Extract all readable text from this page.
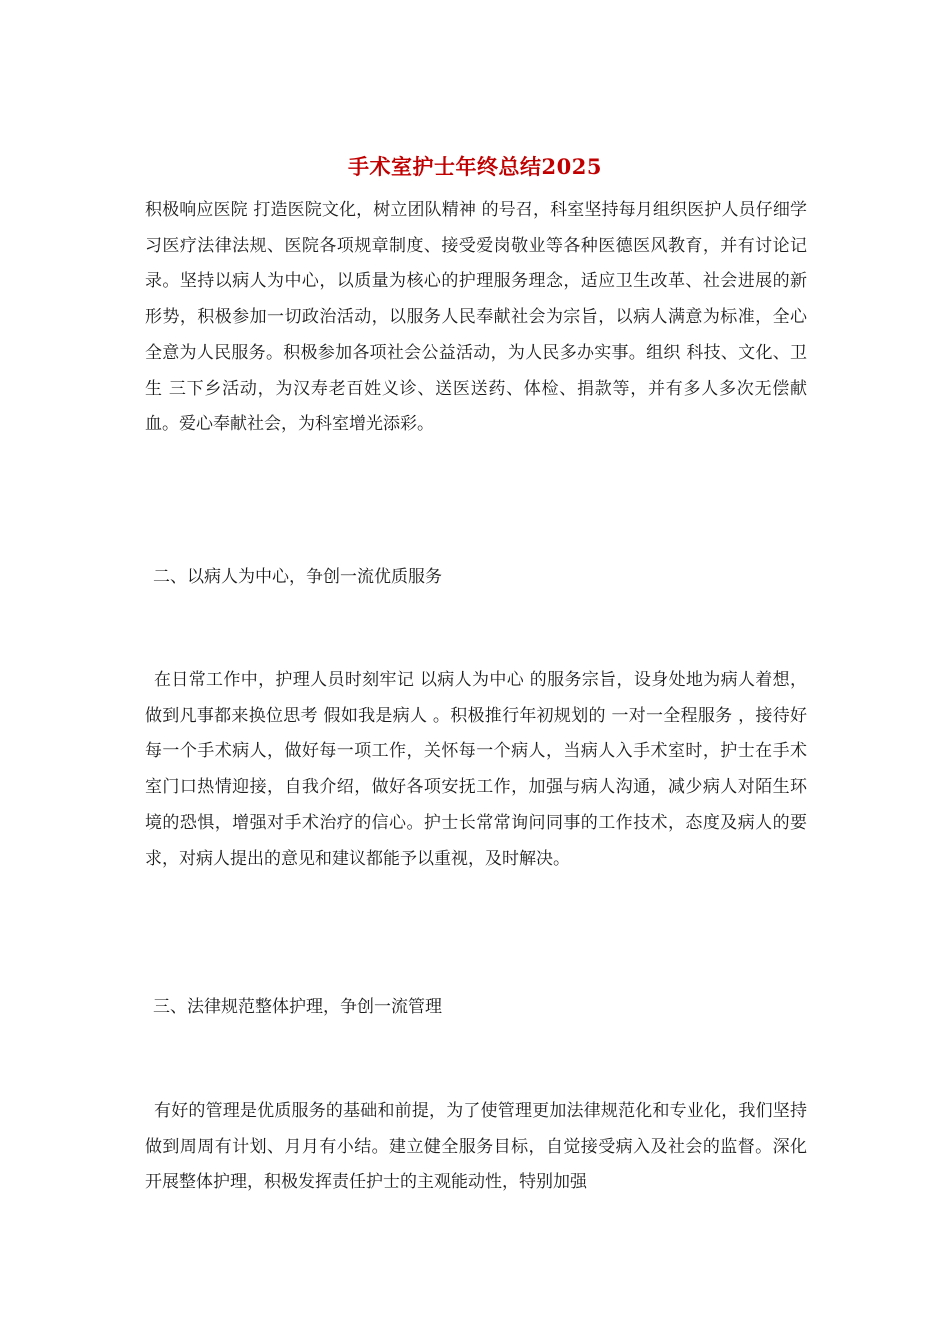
手术室护士年终总结2025

积极响应医院 打造医院文化，树立团队精神 的号召，科室坚持每月组织医护人员仔细学习医疗法律法规、医院各项规章制度、接受爱岗敬业等各种医德医风教育，并有讨论记录。坚持以病人为中心，以质量为核心的护理服务理念，适应卫生改革、社会进展的新形势，积极参加一切政治活动，以服务人民奉献社会为宗旨，以病人满意为标准，全心全意为人民服务。积极参加各项社会公益活动，为人民多办实事。组织 科技、文化、卫生 三下乡活动，为汉寿老百姓义诊、送医送药、体检、捐款等，并有多人多次无偿献血。爱心奉献社会，为科室增光添彩。

二、以病人为中心，争创一流优质服务

在日常工作中，护理人员时刻牢记 以病人为中心 的服务宗旨，设身处地为病人着想，做到凡事都来换位思考 假如我是病人 。积极推行年初规划的 一对一全程服务 ，接待好每一个手术病人，做好每一项工作，关怀每一个病人，当病人入手术室时，护士在手术室门口热情迎接，自我介绍，做好各项安抚工作，加强与病人沟通，减少病人对陌生环境的恐惧，增强对手术治疗的信心。护士长常常询问同事的工作技术，态度及病人的要求，对病人提出的意见和建议都能予以重视，及时解决。

三、法律规范整体护理，争创一流管理

有好的管理是优质服务的基础和前提，为了使管理更加法律规范化和专业化，我们坚持做到周周有计划、月月有小结。建立健全服务目标，自觉接受病入及社会的监督。深化开展整体护理，积极发挥责任护士的主观能动性，特别加强
